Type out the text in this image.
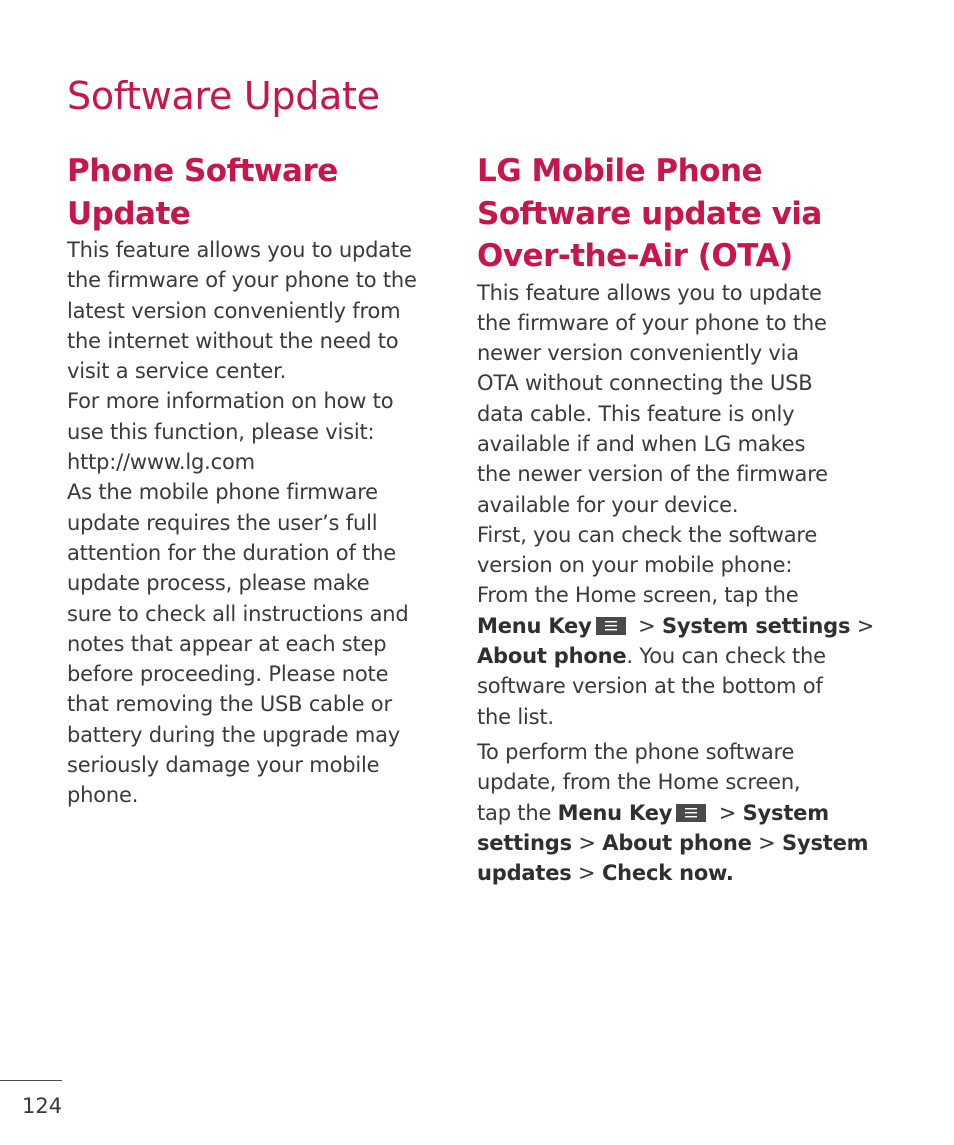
Software Update
Phone Software
Update
This feature allows you to update
the firmware of your phone to the
latest version conveniently from
the internet without the need to
visit a service center.
For more information on how to
use this function, please visit:
http://www.lg.com
As the mobile phone firmware
update requires the user’s full
attention for the duration of the
update process, please make
sure to check all instructions and
notes that appear at each step
before proceeding. Please note
that removing the USB cable or
battery during the upgrade may
seriously damage your mobile
phone.
LG Mobile Phone
Software update via
Over-the-Air (OTA)
This feature allows you to update
the firmware of your phone to the
newer version conveniently via
OTA without connecting the USB
data cable. This feature is only
available if and when LG makes
the newer version of the firmware
available for your device.
First, you can check the software
version on your mobile phone:
From the Home screen, tap the
Menu Key
> System settings >
About phone. You can check the
software version at the bottom of
the list.
To perform the phone software
update, from the Home screen,
tap the Menu Key
> System
settings > About phone > System
updates > Check now.
124
